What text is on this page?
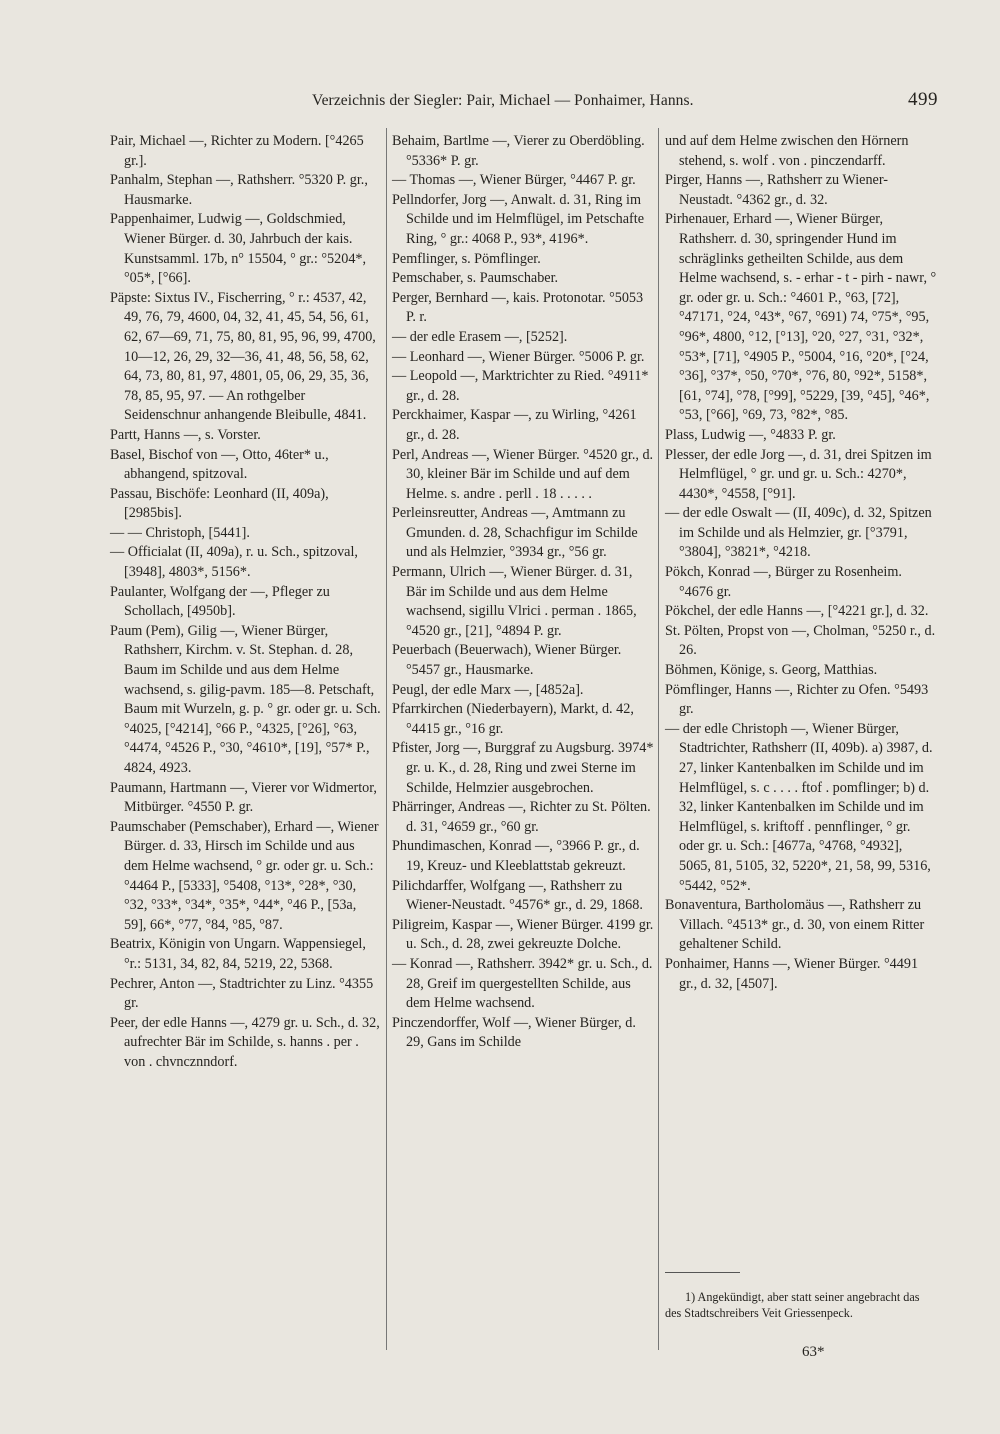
Verzeichnis der Siegler: Pair, Michael — Ponhaimer, Hanns.	499

Pair, Michael —, Richter zu Modern. [°4265 gr.].

Panhalm, Stephan —, Rathsherr. °5320 P. gr., Hausmarke.

Pappenhaimer, Ludwig —, Goldschmied, Wiener Bürger. d. 30, Jahrbuch der kais. Kunstsamml. 17b, n° 15504, ° gr.: °5204*, °05*, [°66].

Päpste: Sixtus IV., Fischerring, ° r.: 4537, 42, 49, 76, 79, 4600, 04, 32, 41, 45, 54, 56, 61, 62, 67—69, 71, 75, 80, 81, 95, 96, 99, 4700, 10—12, 26, 29, 32—36, 41, 48, 56, 58, 62, 64, 73, 80, 81, 97, 4801, 05, 06, 29, 35, 36, 78, 85, 95, 97. — An rothgelber Seidenschnur anhangende Bleibulle, 4841.

Partt, Hanns —, s. Vorster.

Basel, Bischof von —, Otto, 46ter* u., abhangend, spitzoval.

Passau, Bischöfe: Leonhard (II, 409a), [2985bis].

— — Christoph, [5441].

— Officialat (II, 409a), r. u. Sch., spitzoval, [3948], 4803*, 5156*.

Paulanter, Wolfgang der —, Pfleger zu Schollach, [4950b].

Paum (Pem), Gilig —, Wiener Bürger, Rathsherr, Kirchm. v. St. Stephan. d. 28, Baum im Schilde und aus dem Helme wachsend, s. gilig-pavm. 185—8. Petschaft, Baum mit Wurzeln, g. p. ° gr. oder gr. u. Sch. °4025, [°4214], °66 P., °4325, [°26], °63, °4474, °4526 P., °30, °4610*, [19], °57* P., 4824, 4923.

Paumann, Hartmann —, Vierer vor Widmertor, Mitbürger. °4550 P. gr.

Paumschaber (Pemschaber), Erhard —, Wiener Bürger. d. 33, Hirsch im Schilde und aus dem Helme wachsend, ° gr. oder gr. u. Sch.: °4464 P., [5333], °5408, °13*, °28*, °30, °32, °33*, °34*, °35*, °44*, °46 P., [53a, 59], 66*, °77, °84, °85, °87.

Beatrix, Königin von Ungarn. Wappensiegel, °r.: 5131, 34, 82, 84, 5219, 22, 5368.

Pechrer, Anton —, Stadtrichter zu Linz. °4355 gr.

Peer, der edle Hanns —, 4279 gr. u. Sch., d. 32, aufrechter Bär im Schilde, s. hanns . per . von . chvncznndorf.

Behaim, Bartlme —, Vierer zu Oberdöbling. °5336* P. gr.

— Thomas —, Wiener Bürger, °4467 P. gr.

Pellndorfer, Jorg —, Anwalt. d. 31, Ring im Schilde und im Helmflügel, im Petschafte Ring, ° gr.: 4068 P., 93*, 4196*.

Pemflinger, s. Pömflinger.

Pemschaber, s. Paumschaber.

Perger, Bernhard —, kais. Protonotar. °5053 P. r.

— der edle Erasem —, [5252].

— Leonhard —, Wiener Bürger. °5006 P. gr.

— Leopold —, Marktrichter zu Ried. °4911* gr., d. 28.

Perckhaimer, Kaspar —, zu Wirling, °4261 gr., d. 28.

Perl, Andreas —, Wiener Bürger. °4520 gr., d. 30, kleiner Bär im Schilde und auf dem Helme. s. andre . perll . 18 . . . . .

Perleinsreutter, Andreas —, Amtmann zu Gmunden. d. 28, Schachfigur im Schilde und als Helmzier, °3934 gr., °56 gr.

Permann, Ulrich —, Wiener Bürger. d. 31, Bär im Schilde und aus dem Helme wachsend, sigillu Vlrici . perman . 1865, °4520 gr., [21], °4894 P. gr.

Peuerbach (Beuerwach), Wiener Bürger. °5457 gr., Hausmarke.

Peugl, der edle Marx —, [4852a].

Pfarrkirchen (Niederbayern), Markt, d. 42, °4415 gr., °16 gr.

Pfister, Jorg —, Burggraf zu Augsburg. 3974* gr. u. K., d. 28, Ring und zwei Sterne im Schilde, Helmzier ausgebrochen.

Phärringer, Andreas —, Richter zu St. Pölten. d. 31, °4659 gr., °60 gr.

Phundimaschen, Konrad —, °3966 P. gr., d. 19, Kreuz- und Kleeblattstab gekreuzt.

Pilichdarffer, Wolfgang —, Rathsherr zu Wiener-Neustadt. °4576* gr., d. 29, 1868.

Piligreim, Kaspar —, Wiener Bürger. 4199 gr. u. Sch., d. 28, zwei gekreuzte Dolche.

— Konrad —, Rathsherr. 3942* gr. u. Sch., d. 28, Greif im quergestellten Schilde, aus dem Helme wachsend.

Pinczendorffer, Wolf —, Wiener Bürger, d. 29, Gans im Schilde

und auf dem Helme zwischen den Hörnern stehend, s. wolf . von . pinczendarff.

Pirger, Hanns —, Rathsherr zu Wiener-Neustadt. °4362 gr., d. 32.

Pirhenauer, Erhard —, Wiener Bürger, Rathsherr. d. 30, springender Hund im schräglinks getheilten Schilde, aus dem Helme wachsend, s. - erhar - t - pirh - nawr, ° gr. oder gr. u. Sch.: °4601 P., °63, [72], °47171, °24, °43*, °67, °691) 74, °75*, °95, °96*, 4800, °12, [°13], °20, °27, °31, °32*, °53*, [71], °4905 P., °5004, °16, °20*, [°24, °36], °37*, °50, °70*, °76, 80, °92*, 5158*, [61, °74], °78, [°99], °5229, [39, °45], °46*, °53, [°66], °69, 73, °82*, °85.

Plass, Ludwig —, °4833 P. gr.

Plesser, der edle Jorg —, d. 31, drei Spitzen im Helmflügel, ° gr. und gr. u. Sch.: 4270*, 4430*, °4558, [°91].

— der edle Oswalt — (II, 409c), d. 32, Spitzen im Schilde und als Helmzier, gr. [°3791, °3804], °3821*, °4218.

Pökch, Konrad —, Bürger zu Rosenheim. °4676 gr.

Pökchel, der edle Hanns —, [°4221 gr.], d. 32.

St. Pölten, Propst von —, Cholman, °5250 r., d. 26.

Böhmen, Könige, s. Georg, Matthias.

Pömflinger, Hanns —, Richter zu Ofen. °5493 gr.

— der edle Christoph —, Wiener Bürger, Stadtrichter, Rathsherr (II, 409b). a) 3987, d. 27, linker Kantenbalken im Schilde und im Helmflügel, s. c . . . . ftof . pomflinger; b) d. 32, linker Kantenbalken im Schilde und im Helmflügel, s. kriftoff . pennflinger, ° gr. oder gr. u. Sch.: [4677a, °4768, °4932], 5065, 81, 5105, 32, 5220*, 21, 58, 99, 5316, °5442, °52*.

Bonaventura, Bartholomäus —, Rathsherr zu Villach. °4513* gr., d. 30, von einem Ritter gehaltener Schild.

Ponhaimer, Hanns —, Wiener Bürger. °4491 gr., d. 32, [4507].

1) Angekündigt, aber statt seiner angebracht das des Stadtschreibers Veit Griessenpeck.

63*
